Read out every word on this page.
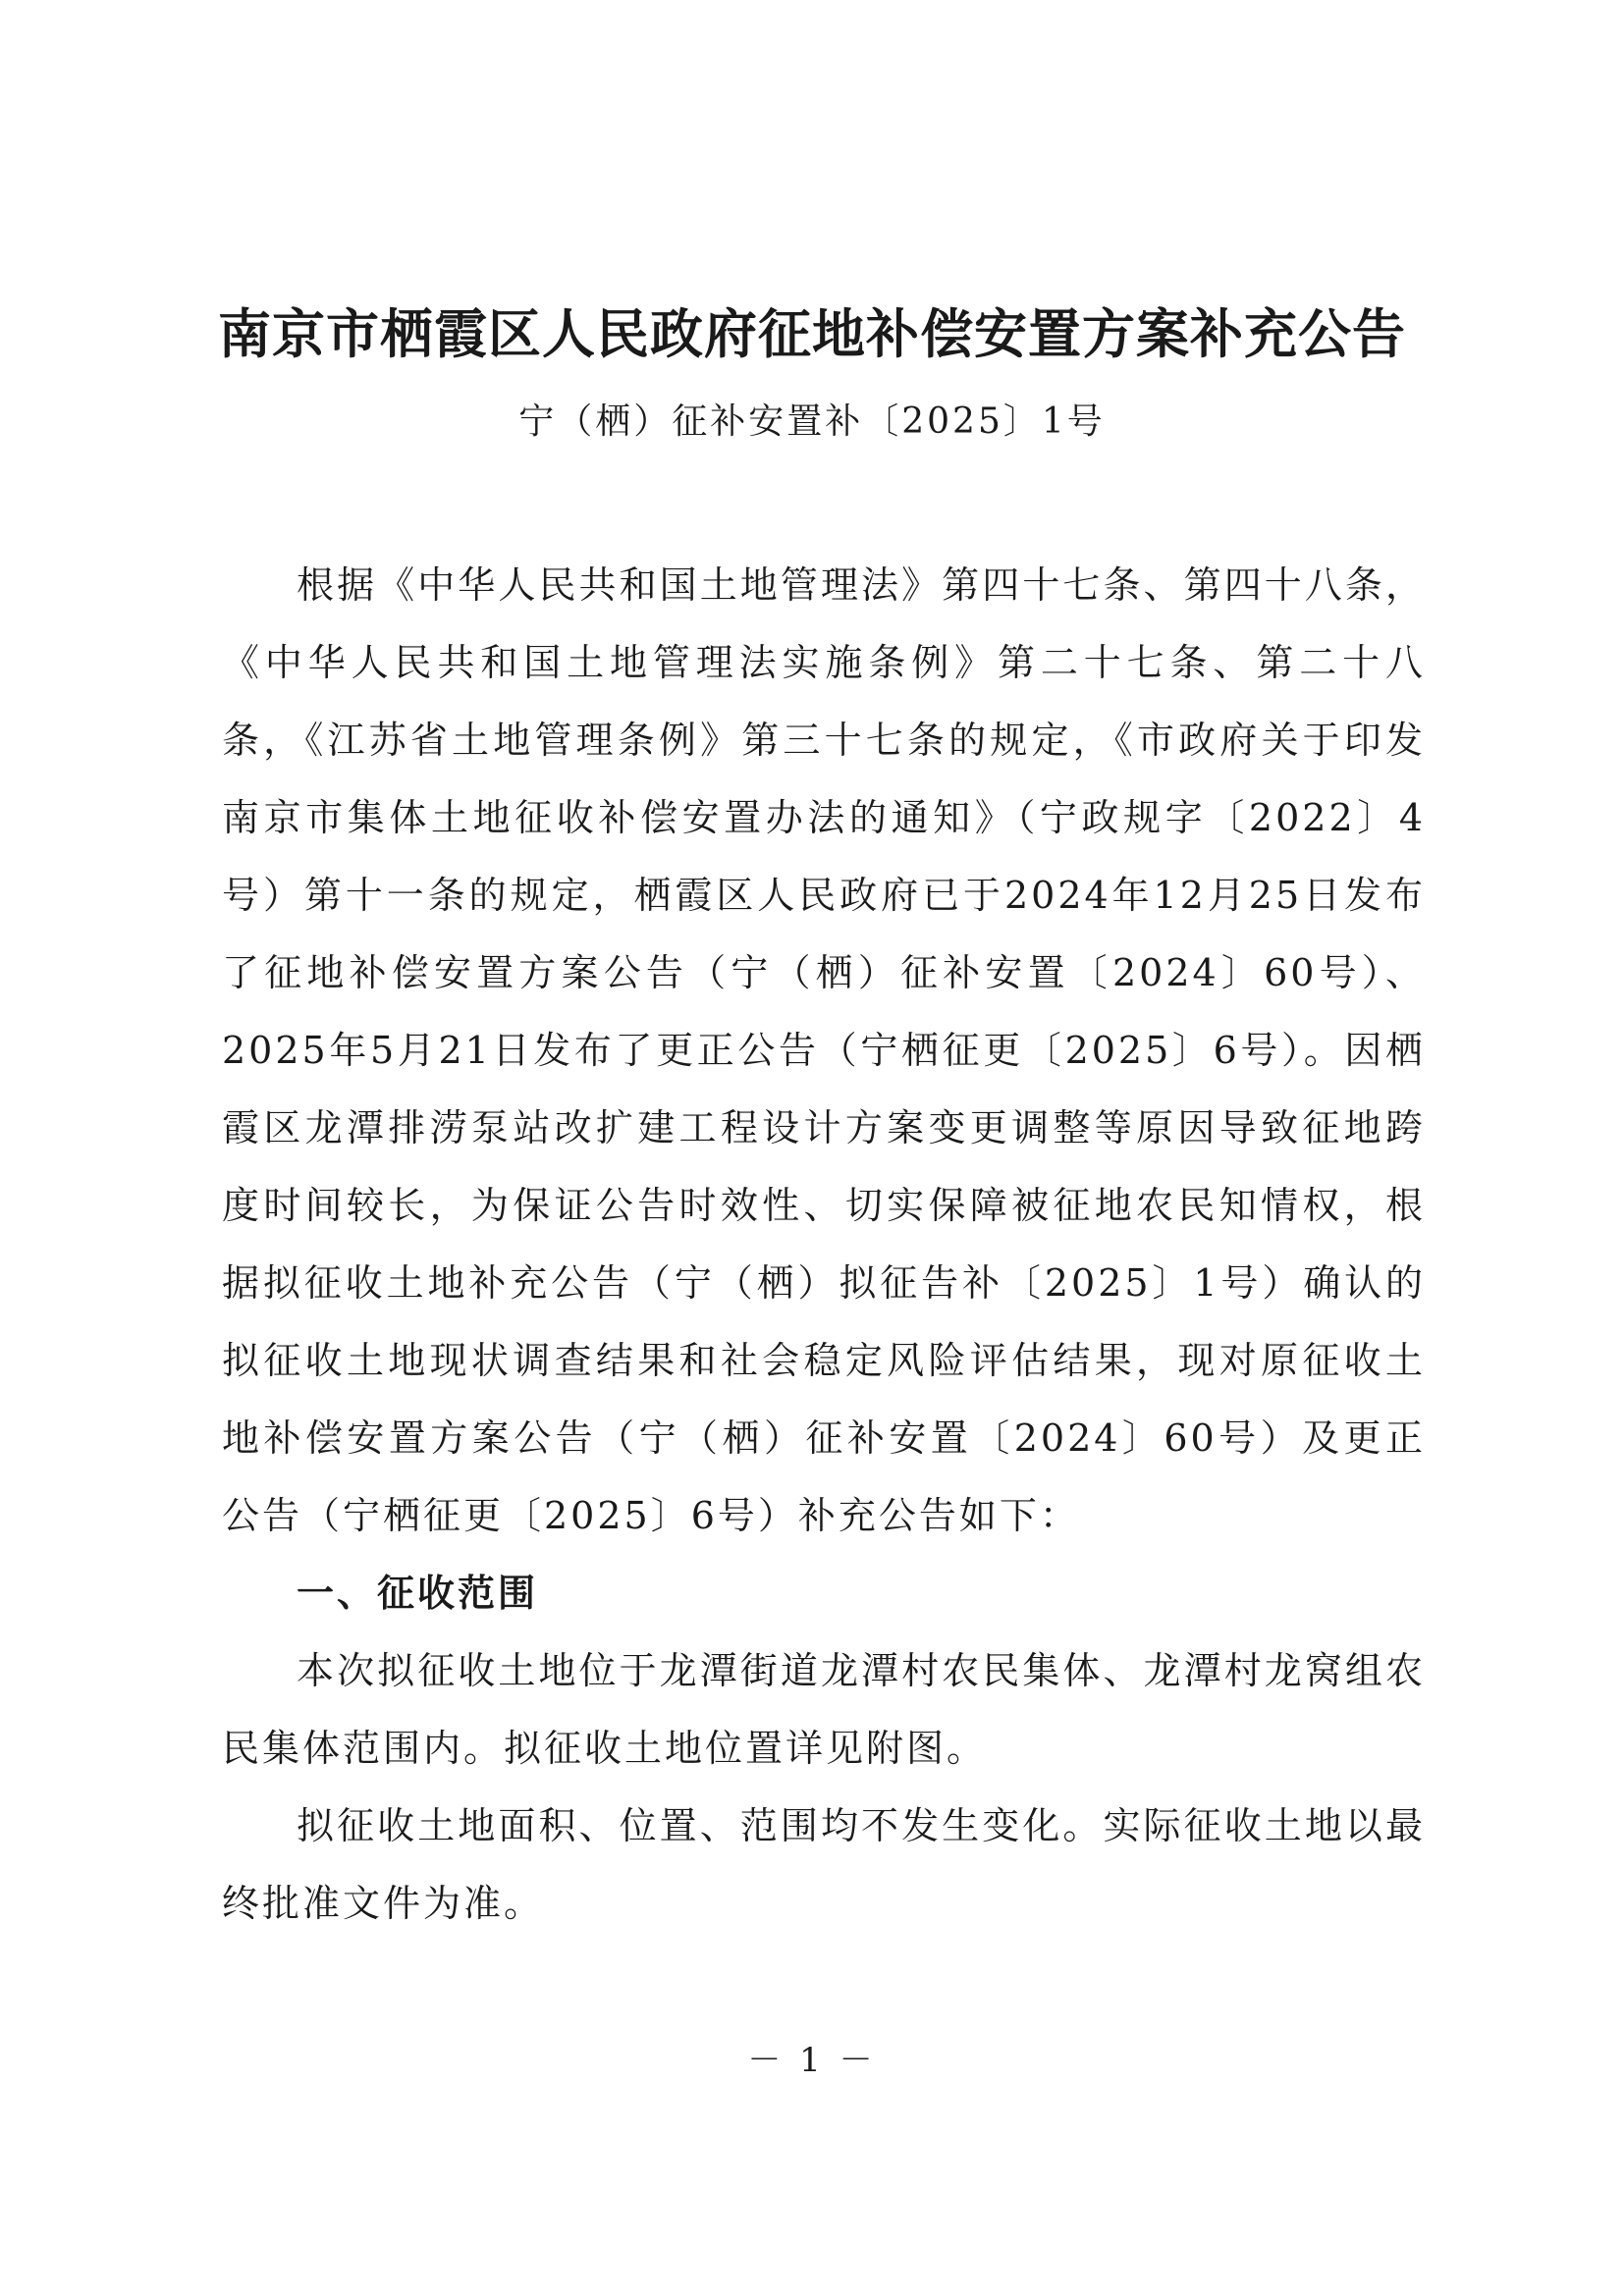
南京市栖霞区人民政府征地补偿安置方案补充公告

宁（栖）征补安置补〔2025〕1号

根据《中华人民共和国土地管理法》第四十七条、第四十八条，《中华人民共和国土地管理法实施条例》第二十七条、第二十八条，《江苏省土地管理条例》第三十七条的规定，《市政府关于印发南京市集体土地征收补偿安置办法的通知》（宁政规字〔2022〕4号）第十一条的规定，栖霞区人民政府已于2024年12月25日发布了征地补偿安置方案公告（宁（栖）征补安置〔2024〕60号）、2025年5月21日发布了更正公告（宁栖征更〔2025〕6号）。因栖霞区龙潭排涝泵站改扩建工程设计方案变更调整等原因导致征地跨度时间较长，为保证公告时效性、切实保障被征地农民知情权，根据拟征收土地补充公告（宁（栖）拟征告补〔2025〕1号）确认的拟征收土地现状调查结果和社会稳定风险评估结果，现对原征收土地补偿安置方案公告（宁（栖）征补安置〔2024〕60号）及更正公告（宁栖征更〔2025〕6号）补充公告如下：

一、征收范围

本次拟征收土地位于龙潭街道龙潭村农民集体、龙潭村龙窝组农民集体范围内。拟征收土地位置详见附图。

拟征收土地面积、位置、范围均不发生变化。实际征收土地以最终批准文件为准。

－ 1 －
